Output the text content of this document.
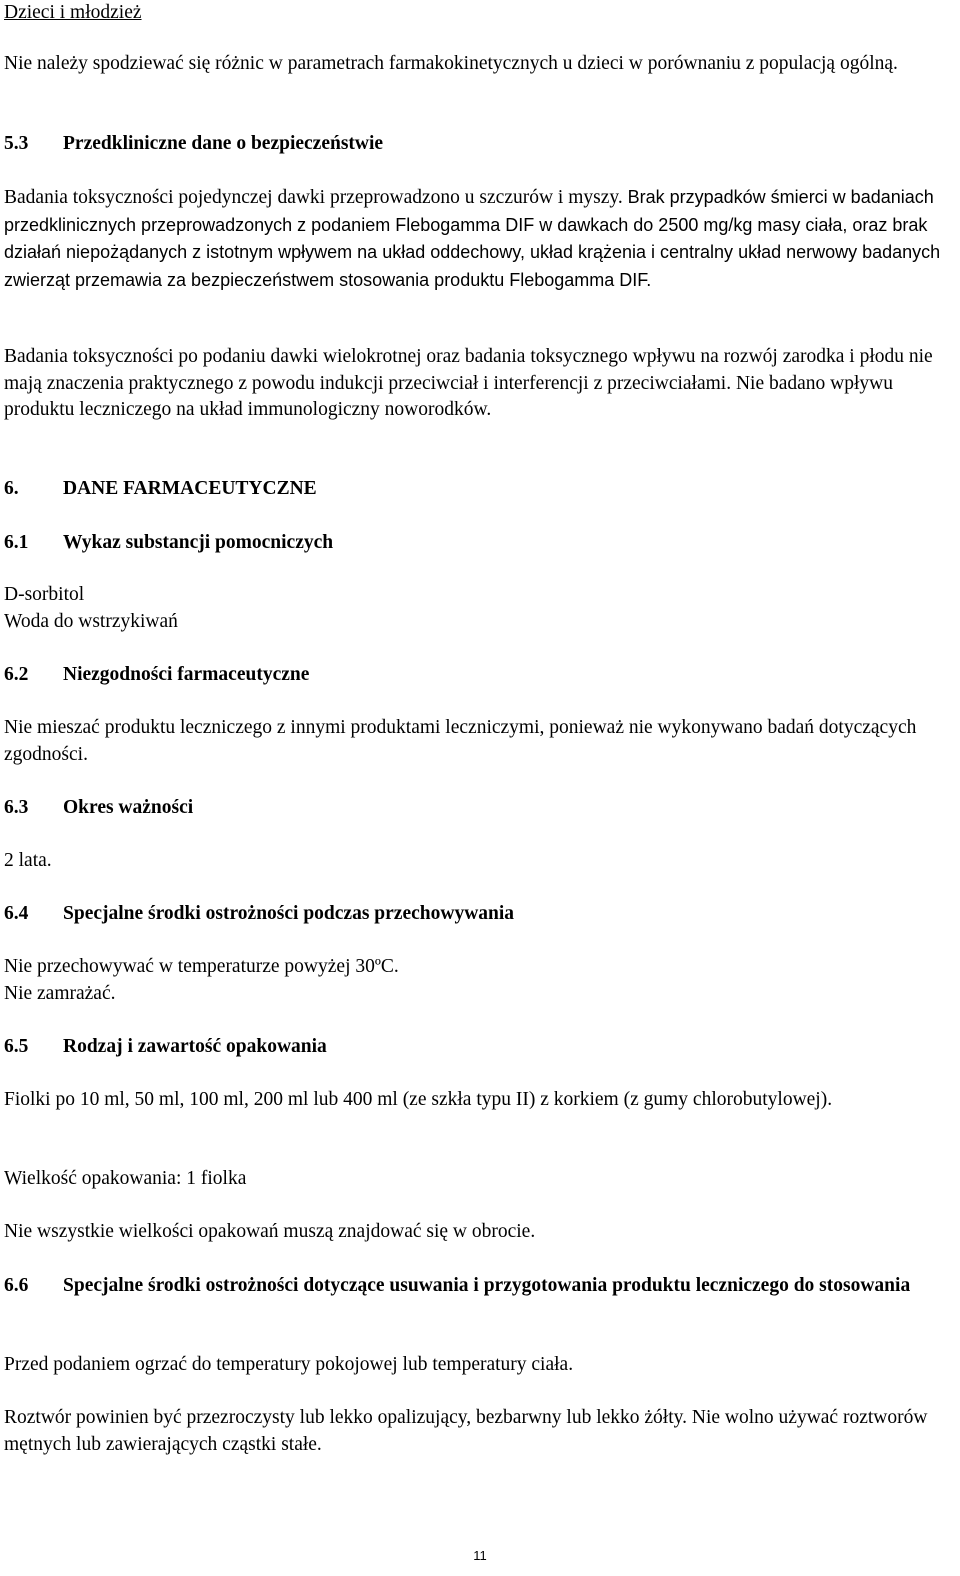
Dzieci i młodzież

Nie należy spodziewać się różnic w parametrach farmakokinetycznych u dzieci w porównaniu z populacją ogólną.

5.3 Przedkliniczne dane o bezpieczeństwie

Badania toksyczności pojedynczej dawki przeprowadzono u szczurów i myszy. Brak przypadków śmierci w badaniach przedklinicznych przeprowadzonych z podaniem Flebogamma DIF w dawkach do 2500 mg/kg masy ciała, oraz brak działań niepożądanych z istotnym wpływem na układ oddechowy, układ krążenia i centralny układ nerwowy badanych zwierząt przemawia za bezpieczeństwem stosowania produktu Flebogamma DIF.

Badania toksyczności po podaniu dawki wielokrotnej oraz badania toksycznego wpływu na rozwój zarodka i płodu nie mają znaczenia praktycznego z powodu indukcji przeciwciał i interferencji z przeciwciałami. Nie badano wpływu produktu leczniczego na układ immunologiczny noworodków.

6. DANE FARMACEUTYCZNE

6.1 Wykaz substancji pomocniczych

D-sorbitol

Woda do wstrzykiwań

6.2 Niezgodności farmaceutyczne

Nie mieszać produktu leczniczego z innymi produktami leczniczymi, ponieważ nie wykonywano badań dotyczących zgodności.

6.3 Okres ważności

2 lata.

6.4 Specjalne środki ostrożności podczas przechowywania

Nie przechowywać w temperaturze powyżej 30ºC.

Nie zamrażać.

6.5 Rodzaj i zawartość opakowania

Fiolki po 10 ml, 50 ml, 100 ml, 200 ml lub 400 ml (ze szkła typu II) z korkiem (z gumy chlorobutylowej).

Wielkość opakowania: 1 fiolka

Nie wszystkie wielkości opakowań muszą znajdować się w obrocie.

6.6	Specjalne środki ostrożności dotyczące usuwania i przygotowania produktu leczniczego do stosowania

Przed podaniem ogrzać do temperatury pokojowej lub temperatury ciała.

Roztwór powinien być przezroczysty lub lekko opalizujący, bezbarwny lub lekko żółty. Nie wolno używać roztworów mętnych lub zawierających cząstki stałe.

11
